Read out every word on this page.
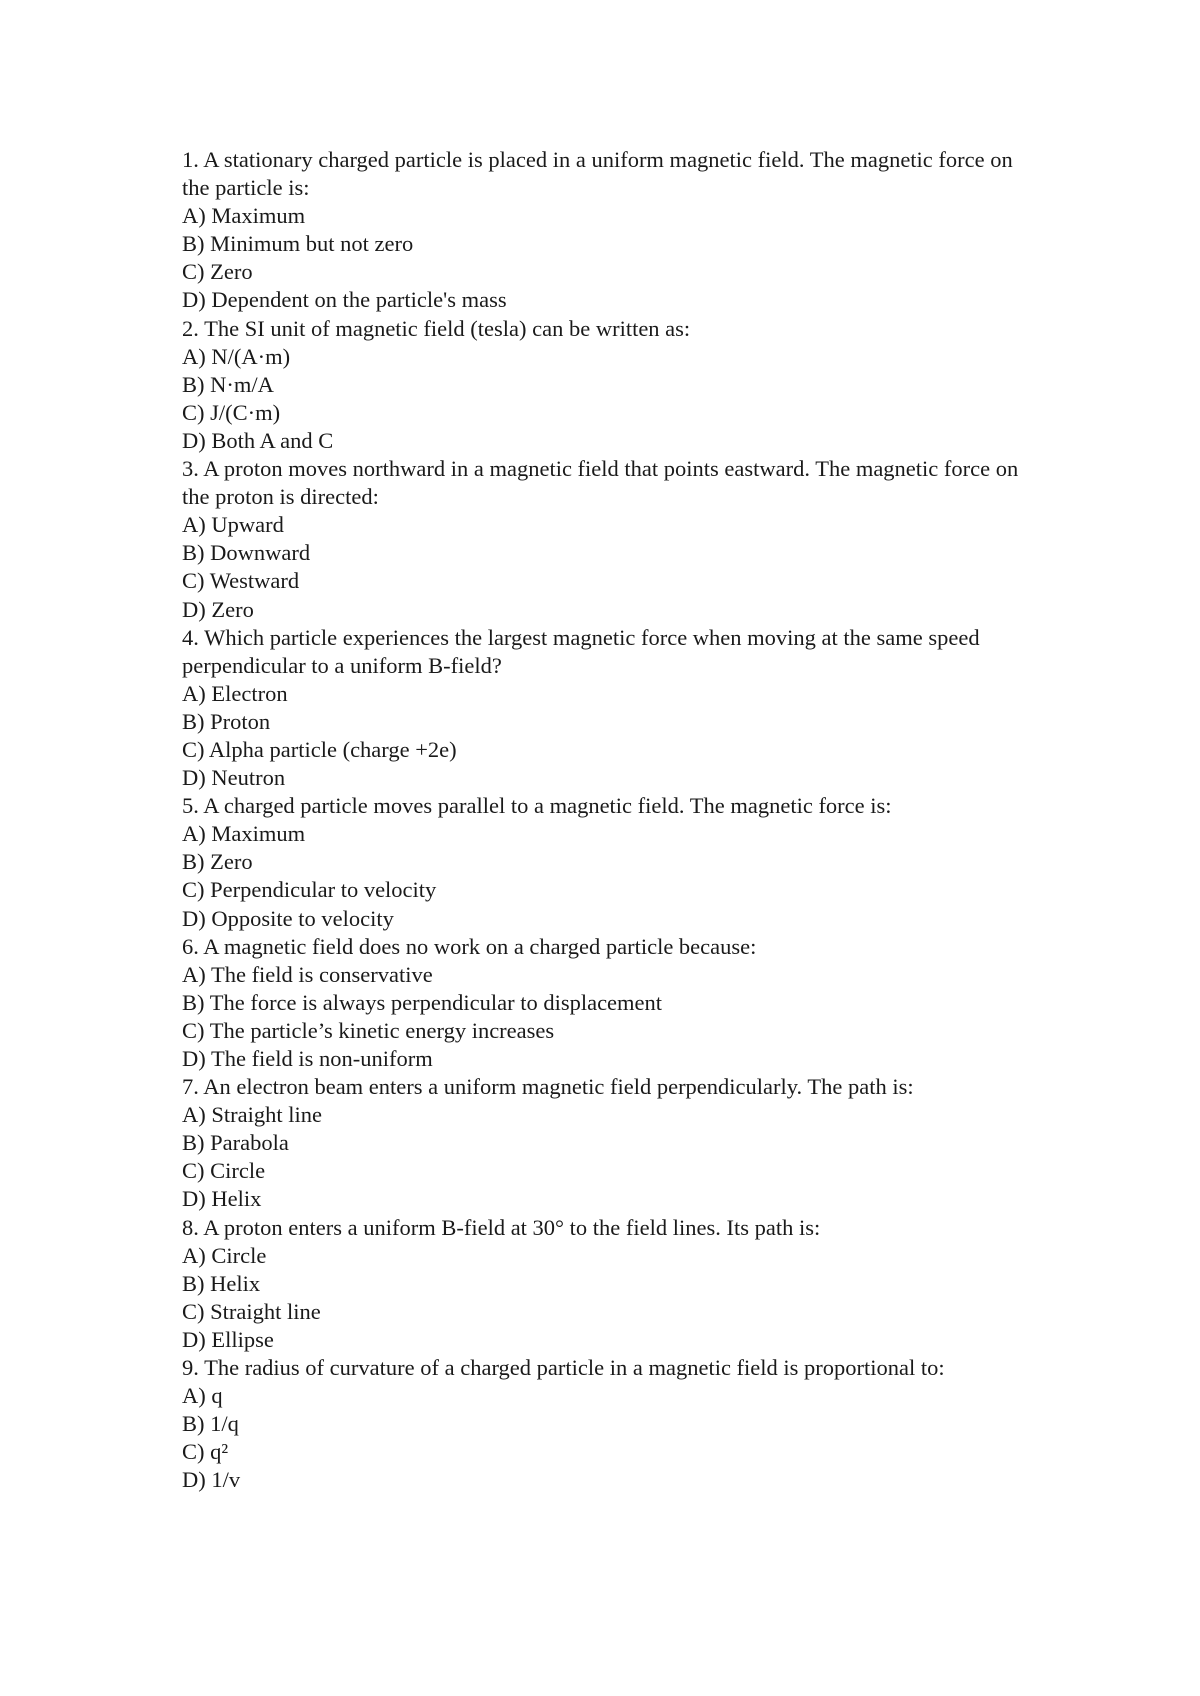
1. A stationary charged particle is placed in a uniform magnetic field. The magnetic force on the particle is:

A) Maximum

B) Minimum but not zero

C) Zero

D) Dependent on the particle's mass

2. The SI unit of magnetic field (tesla) can be written as:

A) N/(A·m)

B) N·m/A

C) J/(C·m)

D) Both A and C

3. A proton moves northward in a magnetic field that points eastward. The magnetic force on the proton is directed:

A) Upward

B) Downward

C) Westward

D) Zero

4. Which particle experiences the largest magnetic force when moving at the same speed perpendicular to a uniform B-field?

A) Electron

B) Proton

C) Alpha particle (charge +2e)

D) Neutron

5. A charged particle moves parallel to a magnetic field. The magnetic force is:

A) Maximum

B) Zero

C) Perpendicular to velocity

D) Opposite to velocity

6. A magnetic field does no work on a charged particle because:

A) The field is conservative

B) The force is always perpendicular to displacement

C) The particle’s kinetic energy increases

D) The field is non-uniform

7. An electron beam enters a uniform magnetic field perpendicularly. The path is:

A) Straight line

B) Parabola

C) Circle

D) Helix

8. A proton enters a uniform B-field at 30° to the field lines. Its path is:

A) Circle

B) Helix

C) Straight line

D) Ellipse

9. The radius of curvature of a charged particle in a magnetic field is proportional to:

A) q

B) 1/q

C) q²

D) 1/v
